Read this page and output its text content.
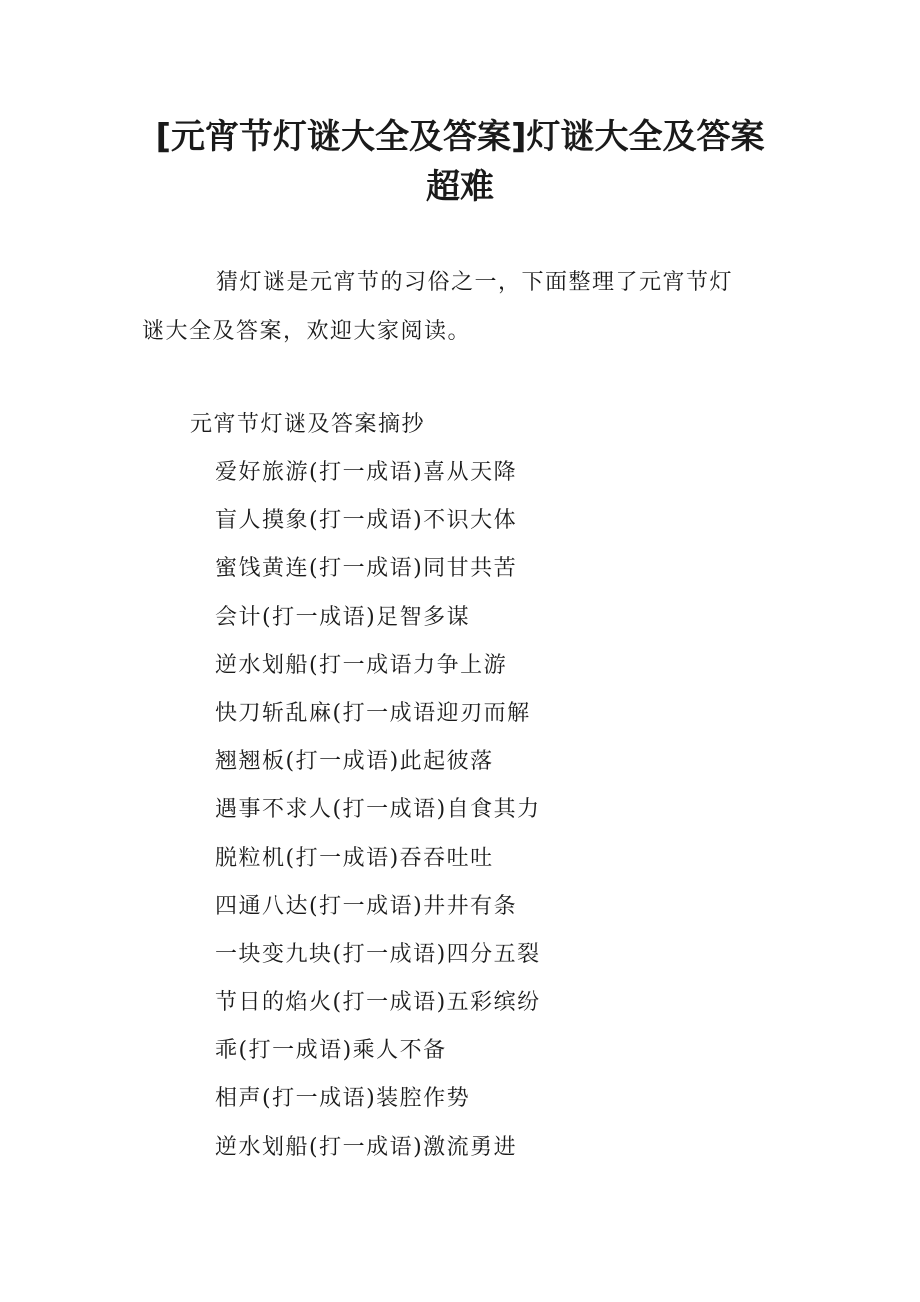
[元宵节灯谜大全及答案]灯谜大全及答案
超难

猜灯谜是元宵节的习俗之一，下面整理了元宵节灯
谜大全及答案，欢迎大家阅读。

元宵节灯谜及答案摘抄
爱好旅游(打一成语)喜从天降
盲人摸象(打一成语)不识大体
蜜饯黄连(打一成语)同甘共苦
会计(打一成语)足智多谋
逆水划船(打一成语力争上游
快刀斩乱麻(打一成语迎刃而解
翘翘板(打一成语)此起彼落
遇事不求人(打一成语)自食其力
脱粒机(打一成语)吞吞吐吐
四通八达(打一成语)井井有条
一块变九块(打一成语)四分五裂
节日的焰火(打一成语)五彩缤纷
乖(打一成语)乘人不备
相声(打一成语)装腔作势
逆水划船(打一成语)激流勇进
